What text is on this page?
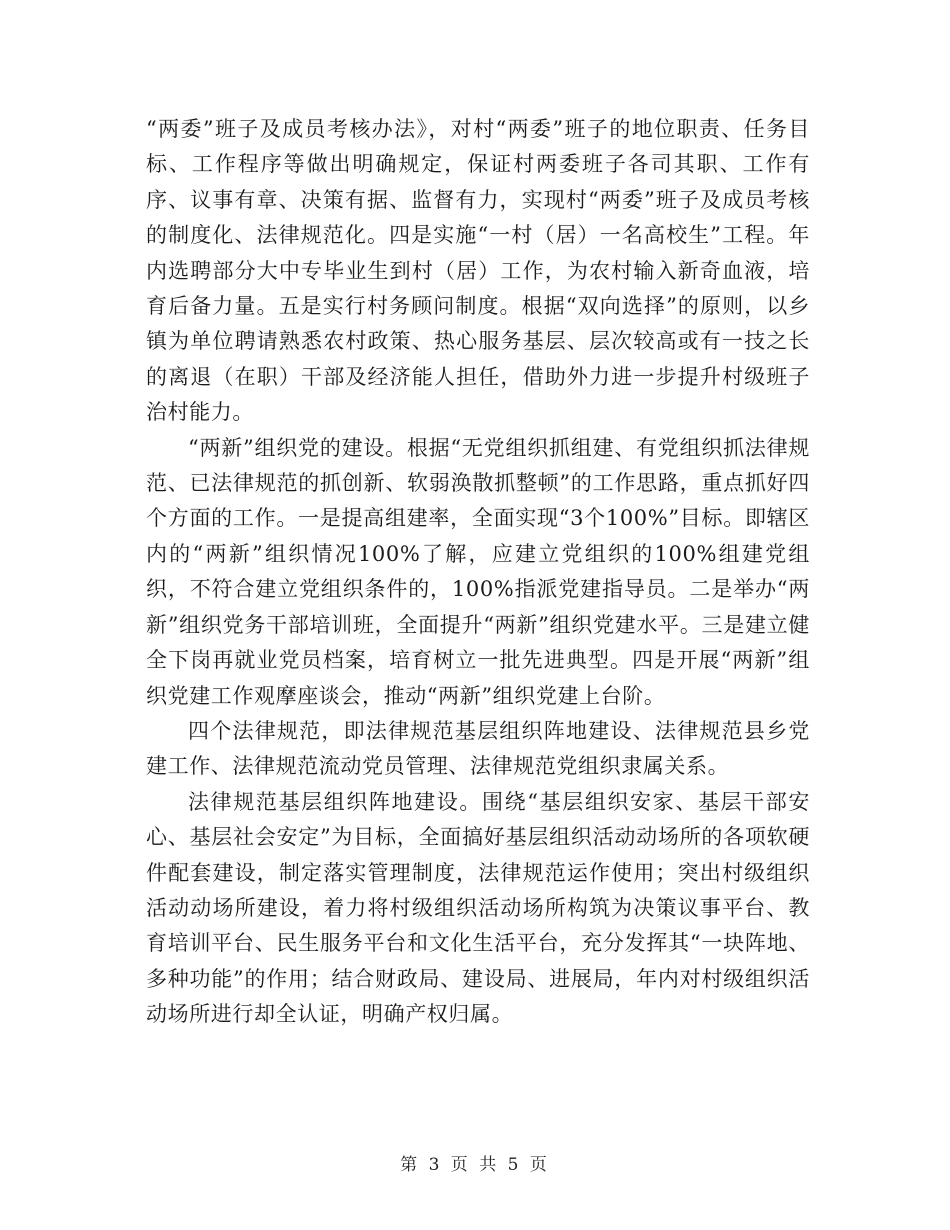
“两委”班子及成员考核办法》，对村“两委”班子的地位职责、任务目标、工作程序等做出明确规定，保证村两委班子各司其职、工作有序、议事有章、决策有据、监督有力，实现村“两委”班子及成员考核的制度化、法律规范化。四是实施“一村（居）一名高校生”工程。年内选聘部分大中专毕业生到村（居）工作，为农村输入新奇血液，培育后备力量。五是实行村务顾问制度。根据“双向选择”的原则，以乡镇为单位聘请熟悉农村政策、热心服务基层、层次较高或有一技之长的离退（在职）干部及经济能人担任，借助外力进一步提升村级班子治村能力。

“两新”组织党的建设。根据“无党组织抓组建、有党组织抓法律规范、已法律规范的抓创新、软弱涣散抓整顿”的工作思路，重点抓好四个方面的工作。一是提高组建率，全面实现“3个100%”目标。即辖区内的“两新”组织情况100%了解，应建立党组织的100%组建党组织，不符合建立党组织条件的，100%指派党建指导员。二是举办“两新”组织党务干部培训班，全面提升“两新”组织党建水平。三是建立健全下岗再就业党员档案，培育树立一批先进典型。四是开展“两新”组织党建工作观摩座谈会，推动“两新”组织党建上台阶。

四个法律规范，即法律规范基层组织阵地建设、法律规范县乡党建工作、法律规范流动党员管理、法律规范党组织隶属关系。

法律规范基层组织阵地建设。围绕“基层组织安家、基层干部安心、基层社会安定”为目标，全面搞好基层组织活动动场所的各项软硬件配套建设，制定落实管理制度，法律规范运作使用；突出村级组织活动动场所建设，着力将村级组织活动场所构筑为决策议事平台、教育培训平台、民生服务平台和文化生活平台，充分发挥其“一块阵地、多种功能”的作用；结合财政局、建设局、进展局，年内对村级组织活动场所进行却全认证，明确产权归属。

第 3 页 共 5 页
